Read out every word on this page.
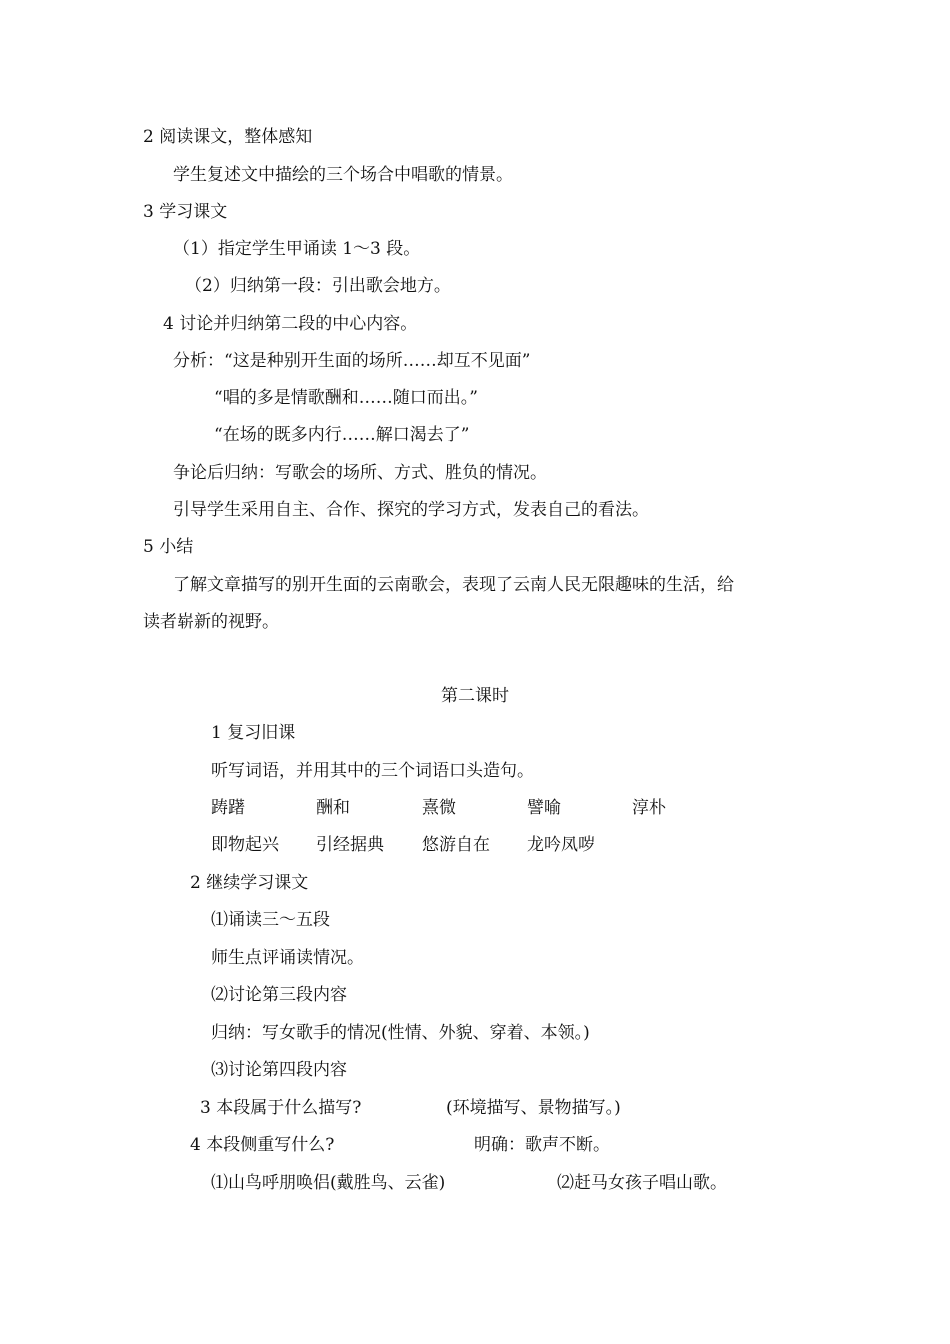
2 阅读课文，整体感知
学生复述文中描绘的三个场合中唱歌的情景。
3 学习课文
（1）指定学生甲诵读 1～3 段。
（2）归纳第一段：引出歌会地方。
4 讨论并归纳第二段的中心内容。
分析：“这是种别开生面的场所……却互不见面”
“唱的多是情歌酬和……随口而出。”
“在场的既多内行……解口渴去了”
争论后归纳：写歌会的场所、方式、胜负的情况。
引导学生采用自主、合作、探究的学习方式，发表自己的看法。
5 小结
了解文章描写的别开生面的云南歌会，表现了云南人民无限趣味的生活，给
读者崭新的视野。
第二课时
1 复习旧课
听写词语，并用其中的三个词语口头造句。
踌躇	酬和	熹微	譬喻	淳朴
即物起兴 引经据典 悠游自在 龙吟凤哕
2 继续学习课文
⑴诵读三～五段
师生点评诵读情况。
⑵讨论第三段内容
归纳：写女歌手的情况(性情、外貌、穿着、本领。)
⑶讨论第四段内容
3 本段属于什么描写?	(环境描写、景物描写。)
4 本段侧重写什么?	明确：歌声不断。
⑴山鸟呼朋唤侣(戴胜鸟、云雀)	⑵赶马女孩子唱山歌。
